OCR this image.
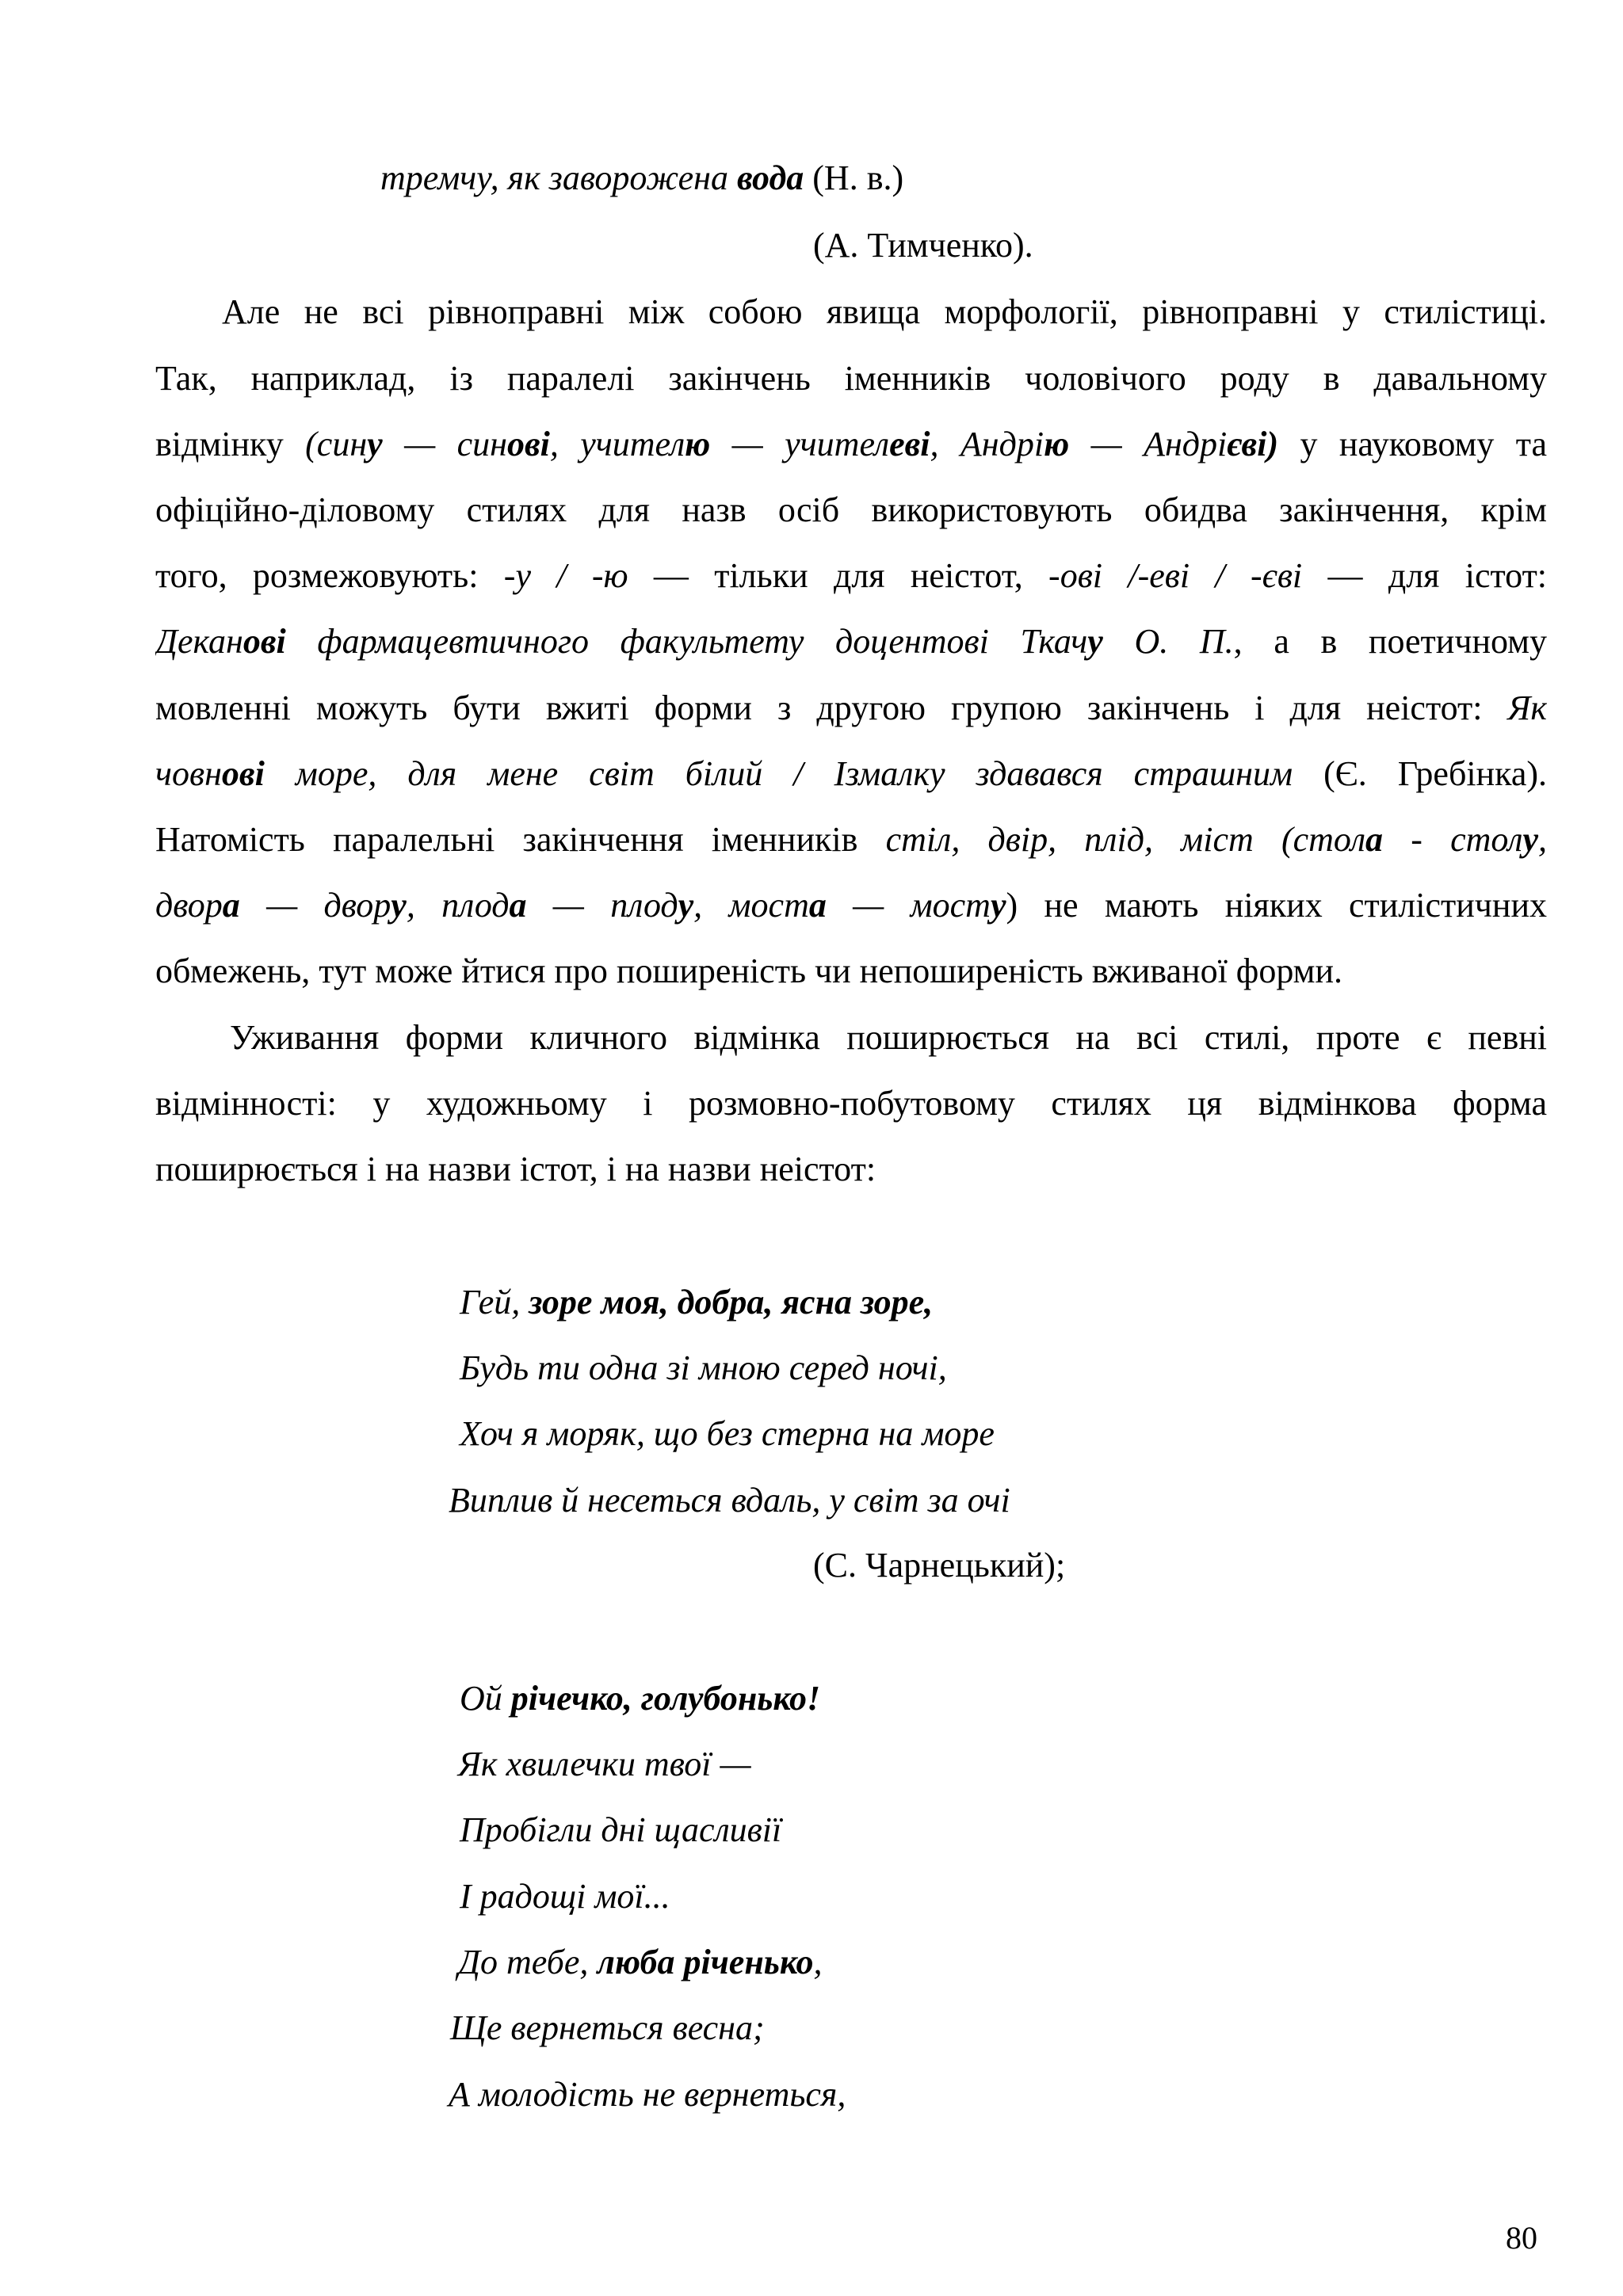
тремчу, як заворожена вода (Н. в.)

(А. Тимченко).

Але не всі рівноправні між собою явища морфології, рівноправні у стилістиці.

Так, наприклад, із паралелі закінчень іменників чоловічого роду в давальному

відмінку (сину — синові, учителю — учителеві, Андрію — Андрієві) у науковому та

офіційно-діловому стилях для назв осіб використовують обидва закінчення, крім

того, розмежовують: -у / -ю — тільки для неістот, -ові /-еві / -єві — для істот:

Деканові фармацевтичного факультету доцентові Ткачу О. П., а в поетичному

мовленні можуть бути вжиті форми з другою групою закінчень і для неістот: Як

човнові море, для мене світ білий / Ізмалку здавався страшним (Є. Гребінка).

Натомість паралельні закінчення іменників стіл, двір, плід, міст (стола - столу,

двора — двору, плода — плоду, моста — мосту) не мають ніяких стилістичних

обмежень, тут може йтися про поширеність чи непоширеність вживаної форми.

Уживання форми кличного відмінка поширюється на всі стилі, проте є певні

відмінності: у художньому і розмовно-побутовому стилях ця відмінкова форма

поширюється і на назви істот, і на назви неістот:

Гей, зоре моя, добра, ясна зоре,

Будь ти одна зі мною серед ночі,

Хоч я моряк, що без стерна на море

Виплив й несеться вдаль, у світ за очі

(С. Чарнецький);

Ой річечко, голубонько!

Як хвилечки твої —

Пробігли дні щасливії

І радощі мої...

До тебе, люба річенько,

Ще вернеться весна;

А молодість не вернеться,

80
